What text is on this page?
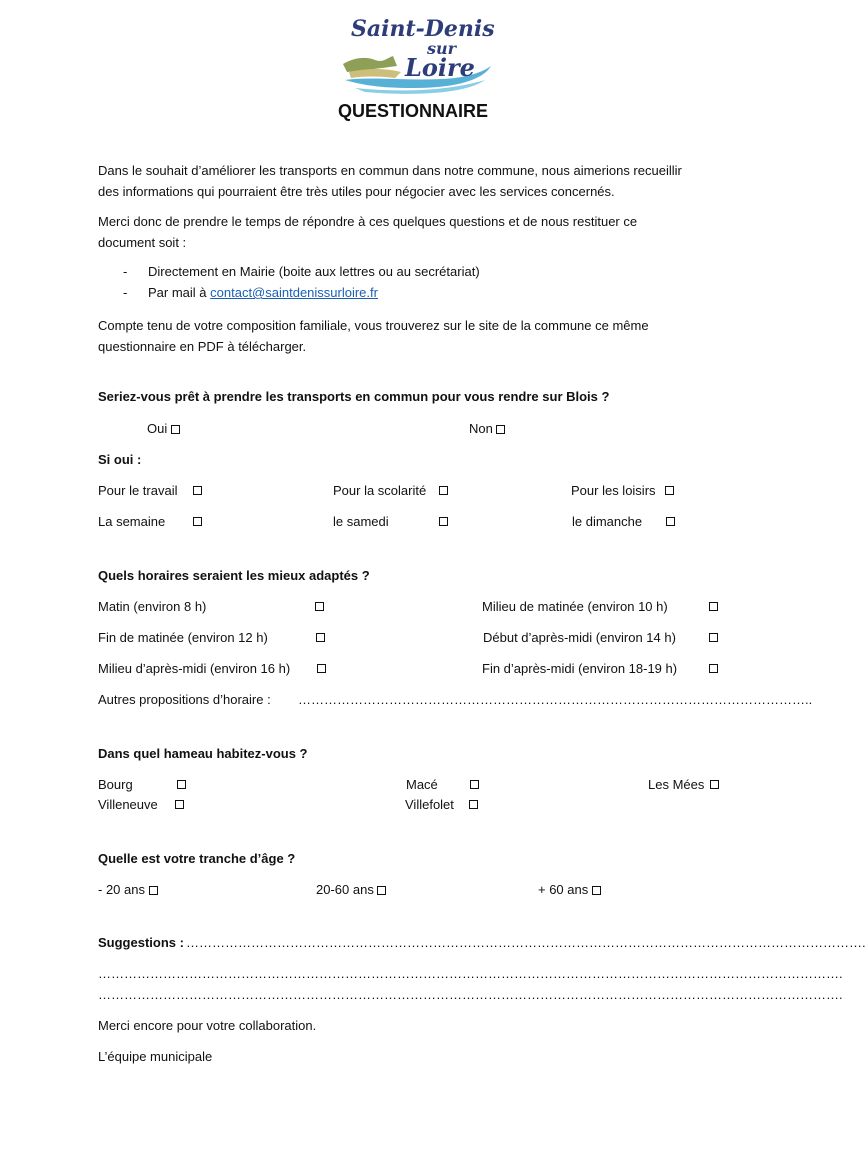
Saint-Denis
sur
Loire
QUESTIONNAIRE
Dans le souhait d’améliorer les transports en commun dans notre commune, nous aimerions recueillir
des informations qui pourraient être très utiles pour négocier avec les services concernés.
Merci donc de prendre le temps de répondre à ces quelques questions et de nous restituer ce
document soit :
- Directement en Mairie (boite aux lettres ou au secrétariat)
- Par mail à contact@saintdenissurloire.fr
Compte tenu de votre composition familiale, vous trouverez sur le site de la commune ce même
questionnaire en PDF à télécharger.
Seriez-vous prêt à prendre les transports en commun pour vous rendre sur Blois ?
Oui	Non
Si oui :
Pour le travail	Pour la scolarité	Pour les loisirs
La semaine	le samedi	le dimanche
Quels horaires seraient les mieux adaptés ?
Matin (environ 8 h)	Milieu de matinée (environ 10 h)
Fin de matinée (environ 12 h)	Début d’après-midi (environ 14 h)
Milieu d’après-midi (environ 16 h)	Fin d’après-midi (environ 18-19 h)
Autres propositions d’horaire : ………………………………………………………………………………………………………..
Dans quel hameau habitez-vous ?
Bourg	Macé	Les Mées
Villeneuve	Villefolet
Quelle est votre tranche d’âge ?
- 20 ans	20-60 ans	+ 60 ans
Suggestions : ………………………………………………………………………………………………………………………………………….
……………………………………………………………………………………………………………………………………………………….
……………………………………………………………………………………………………………………………………………………….
Merci encore pour votre collaboration.
L’équipe municipale
